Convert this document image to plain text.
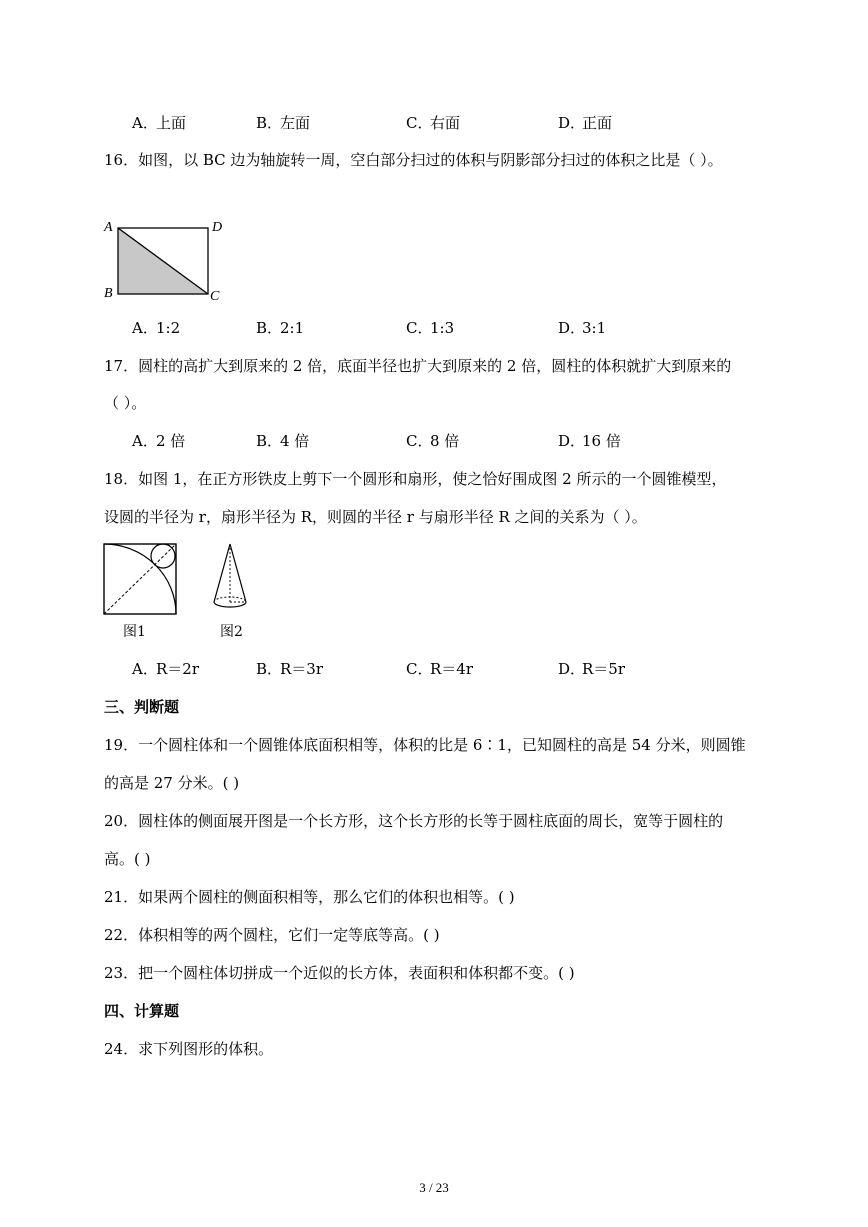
A．上面	B．左面	C．右面	D．正面
16．如图，以 BC 边为轴旋转一周，空白部分扫过的体积与阴影部分扫过的体积之比是（ ）。
A	D
B	C
A．1:2	B．2:1	C．1:3	D．3:1
17．圆柱的高扩大到原来的 2 倍，底面半径也扩大到原来的 2 倍，圆柱的体积就扩大到原来的
（ ）。
A．2 倍	B．4 倍	C．8 倍	D．16 倍
18．如图 1，在正方形铁皮上剪下一个圆形和扇形，使之恰好围成图 2 所示的一个圆锥模型，
设圆的半径为 r，扇形半径为 R，则圆的半径 r 与扇形半径 R 之间的关系为（ ）。
图1	图2
A．R＝2r	B．R＝3r	C．R＝4r	D．R＝5r
三、判断题
19．一个圆柱体和一个圆锥体底面积相等，体积的比是 6∶1，已知圆柱的高是 54 分米，则圆锥
的高是 27 分米。( )
20．圆柱体的侧面展开图是一个长方形，这个长方形的长等于圆柱底面的周长，宽等于圆柱的
高。( )
21．如果两个圆柱的侧面积相等，那么它们的体积也相等。( )
22．体积相等的两个圆柱，它们一定等底等高。( )
23．把一个圆柱体切拼成一个近似的长方体，表面积和体积都不变。( )
四、计算题
24．求下列图形的体积。
3 / 23
